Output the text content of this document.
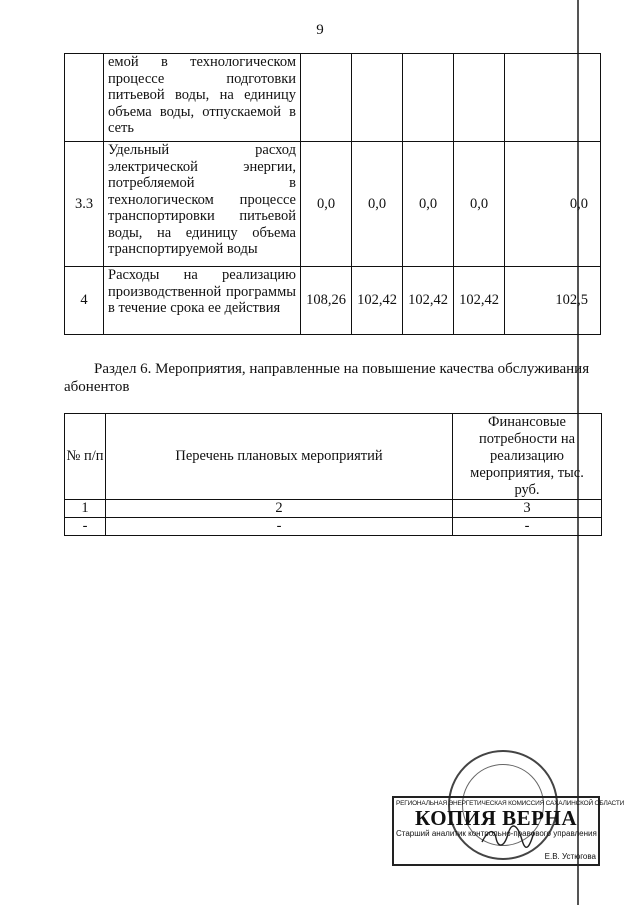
9
	емой в технологическом процессе подготовки питьевой воды, на единицу объема воды, отпускаемой в сеть					
3.3	Удельный расход электрической энергии, потребляемой в технологическом процессе транспортировки питьевой воды, на единицу объема транспортируемой воды	0,0	0,0	0,0	0,0	0,0
4	Расходы на реализацию производственной программы в течение срока ее действия	108,26	102,42	102,42	102,42	102,5
Раздел 6. Мероприятия, направленные на повышение качества обслуживания абонентов
№ п/п	Перечень плановых мероприятий	Финансовые потребности на реализацию мероприятия, тыс. руб.
1	2	3
-	-	-
РЕГИОНАЛЬНАЯ ЭНЕРГЕТИЧЕСКАЯ КОМИССИЯ САХАЛИНСКОЙ ОБЛАСТИ
КОПИЯ ВЕРНА
Старший аналитик контрольно-правового управления
Е.В. Устюгова
